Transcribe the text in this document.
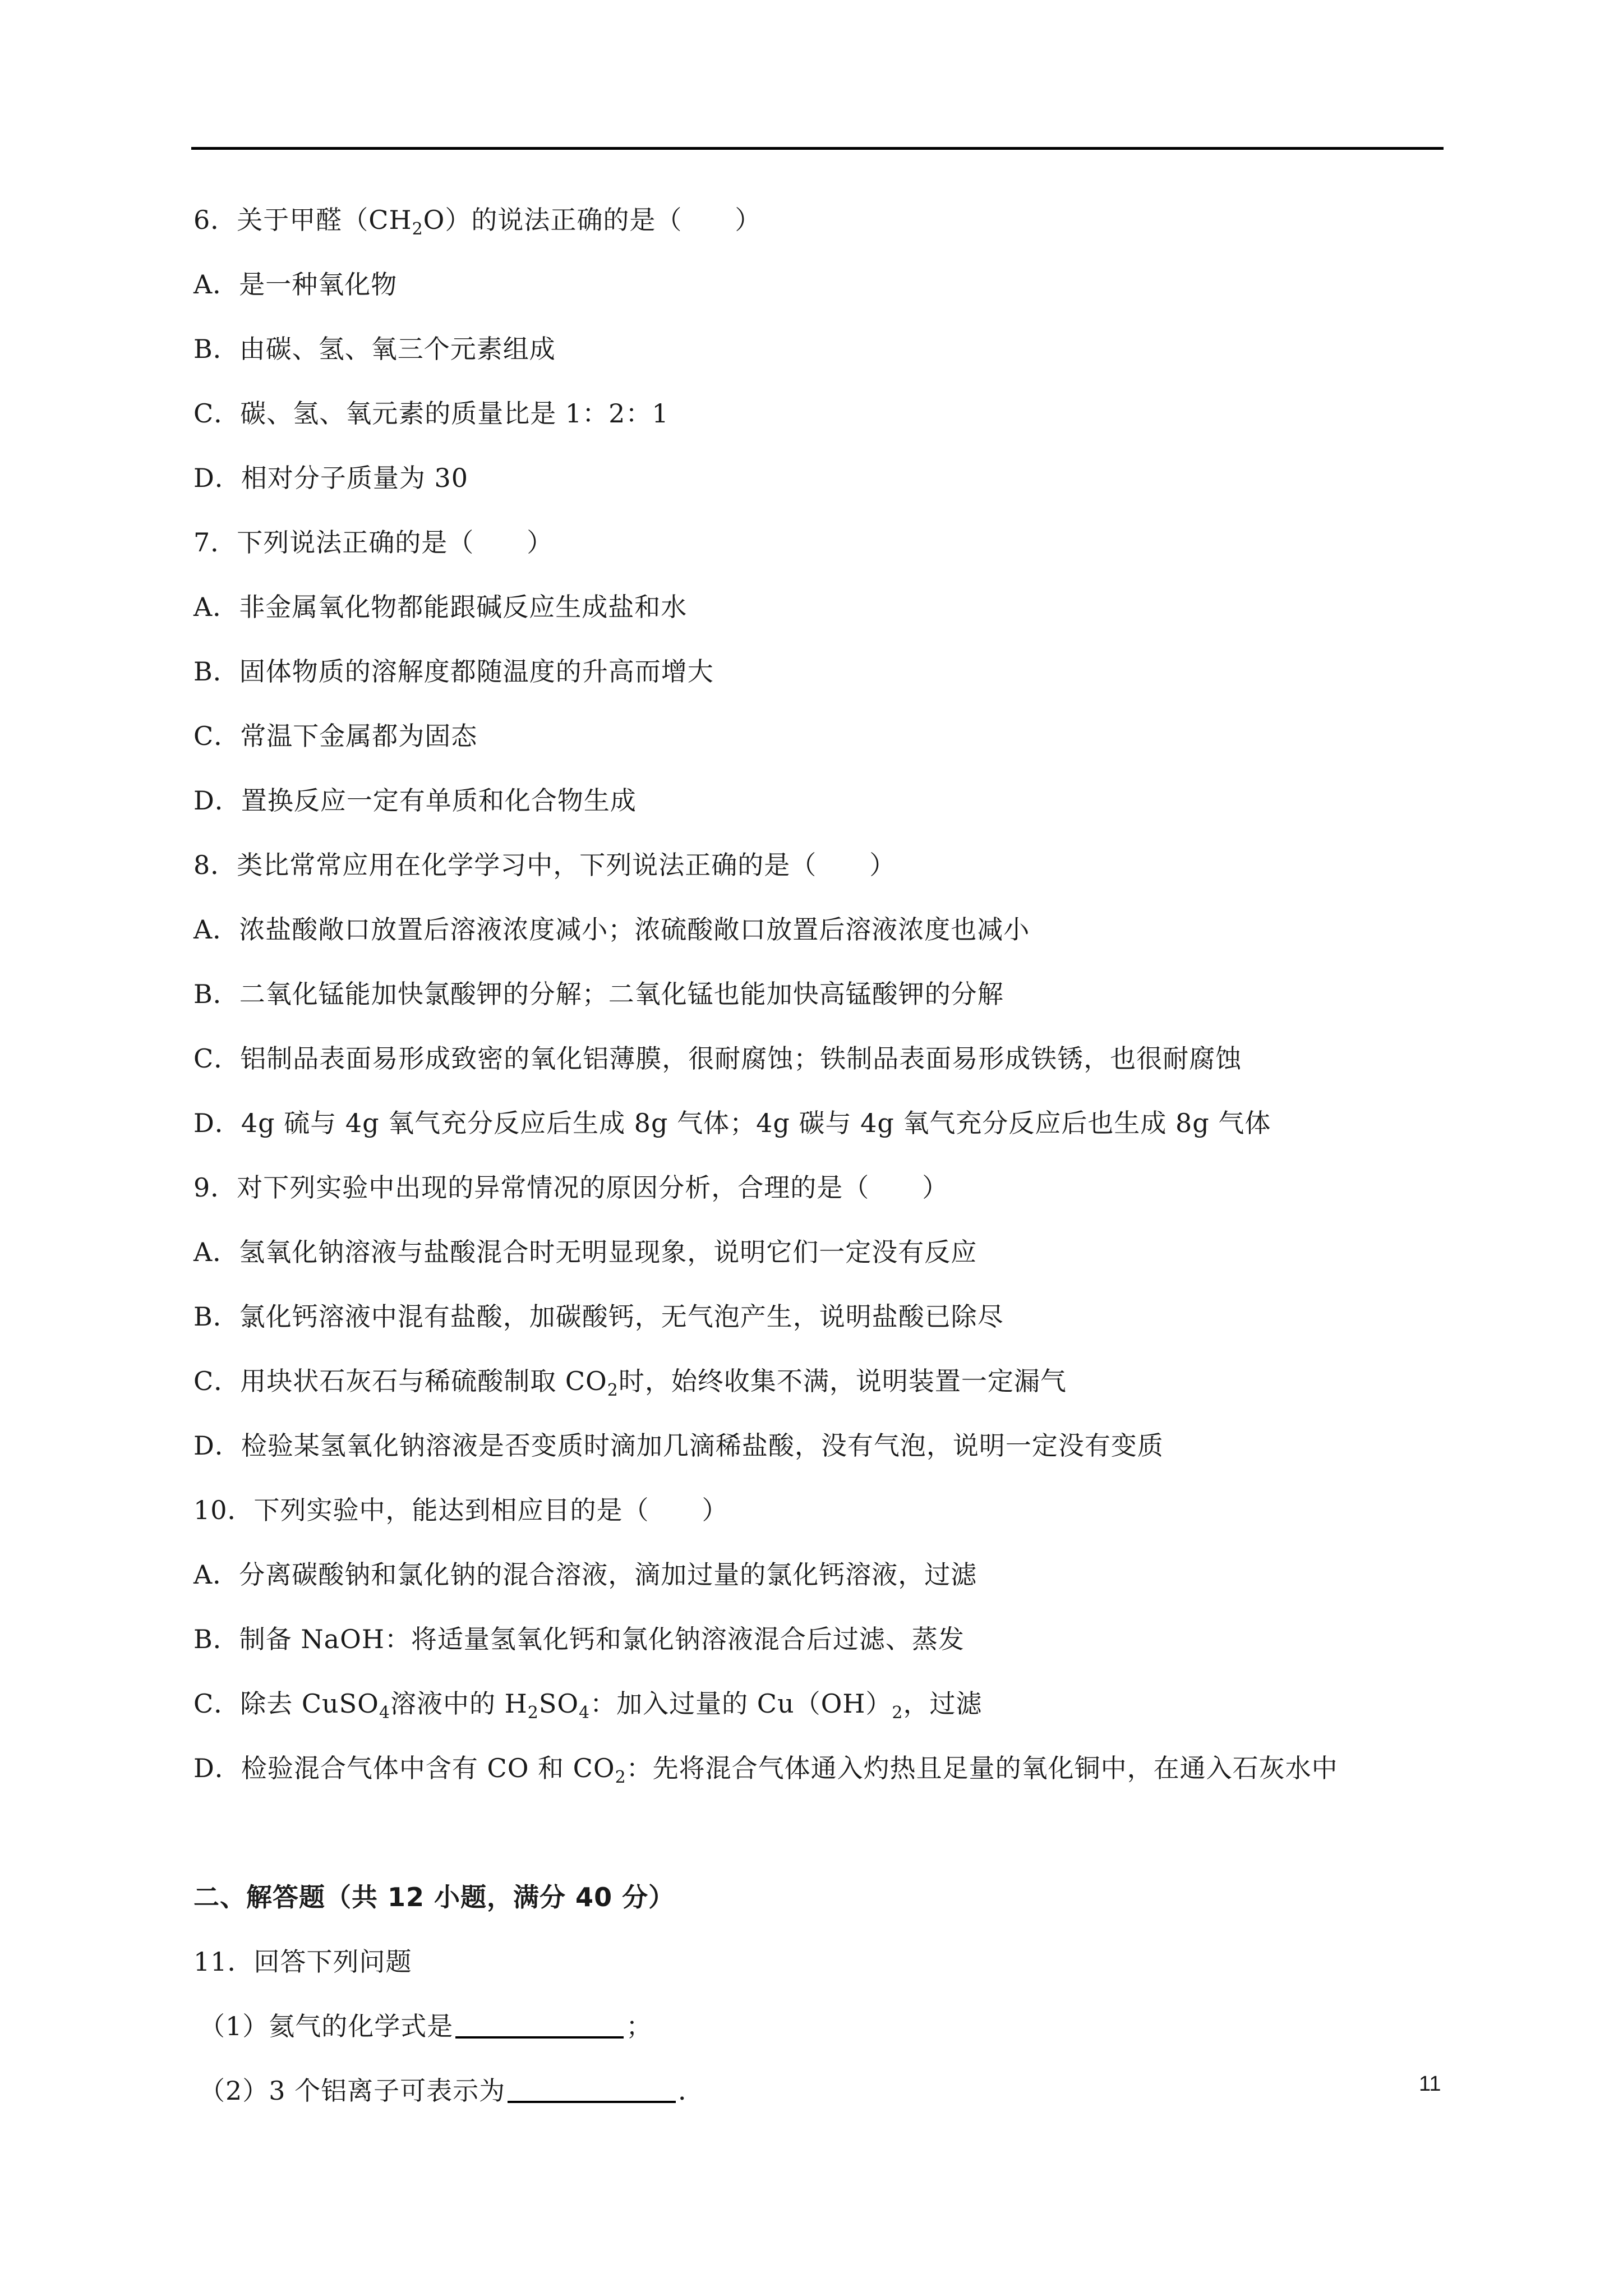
6．关于甲醛$(CH_2O)$的说法正确的是（　　）
A．是一种氧化物
B．由碳、氢、氧三个元素组成
C．碳、氢、氧元素的质量比是 1：2：1
D．相对分子质量为 30
7．下列说法正确的是（　　）
A．非金属氧化物都能跟碱反应生成盐和水
B．固体物质的溶解度都随温度的升高而增大
C．常温下金属都为固态
D．置换反应一定有单质和化合物生成
8．类比常常应用在化学学习中，下列说法正确的是（　　）
A．浓盐酸敞口放置后溶液浓度减小；浓硫酸敞口放置后溶液浓度也减小
B．二氧化锰能加快氯酸钾的分解；二氧化锰也能加快高锰酸钾的分解
C．铝制品表面易形成致密的氧化铝薄膜，很耐腐蚀；铁制品表面易形成铁锈，也很耐腐蚀
D．4g 硫与 4g 氧气充分反应后生成 8g 气体；4g 碳与 4g 氧气充分反应后也生成 8g 气体
9．对下列实验中出现的异常情况的原因分析，合理的是（　　）
A．氢氧化钠溶液与盐酸混合时无明显现象，说明它们一定没有反应
B．氯化钙溶液中混有盐酸，加碳酸钙，无气泡产生，说明盐酸已除尽
C．用块状石灰石与稀硫酸制取 $CO_2$时，始终收集不满，说明装置一定漏气
D．检验某氢氧化钠溶液是否变质时滴加几滴稀盐酸，没有气泡，说明一定没有变质
10．下列实验中，能达到相应目的是（　　）
A．分离碳酸钠和氯化钠的混合溶液，滴加过量的氯化钙溶液，过滤
B．制备 NaOH：将适量氢氧化钙和氯化钠溶液混合后过滤、蒸发
C．除去 CuSO$_4$溶液中的 $H_2SO_4$：加入过量的 $Cu(OH)_2$，过滤
D．检验混合气体中含有 CO 和 $CO_2$：先将混合气体通入灼热且足量的氧化铜中，在通入石灰水中
二、解答题（共 12 小题，满分 40 分）
11．回答下列问题
（1）氦气的化学式是	；
（2）3 个铝离子可表示为	．	11
